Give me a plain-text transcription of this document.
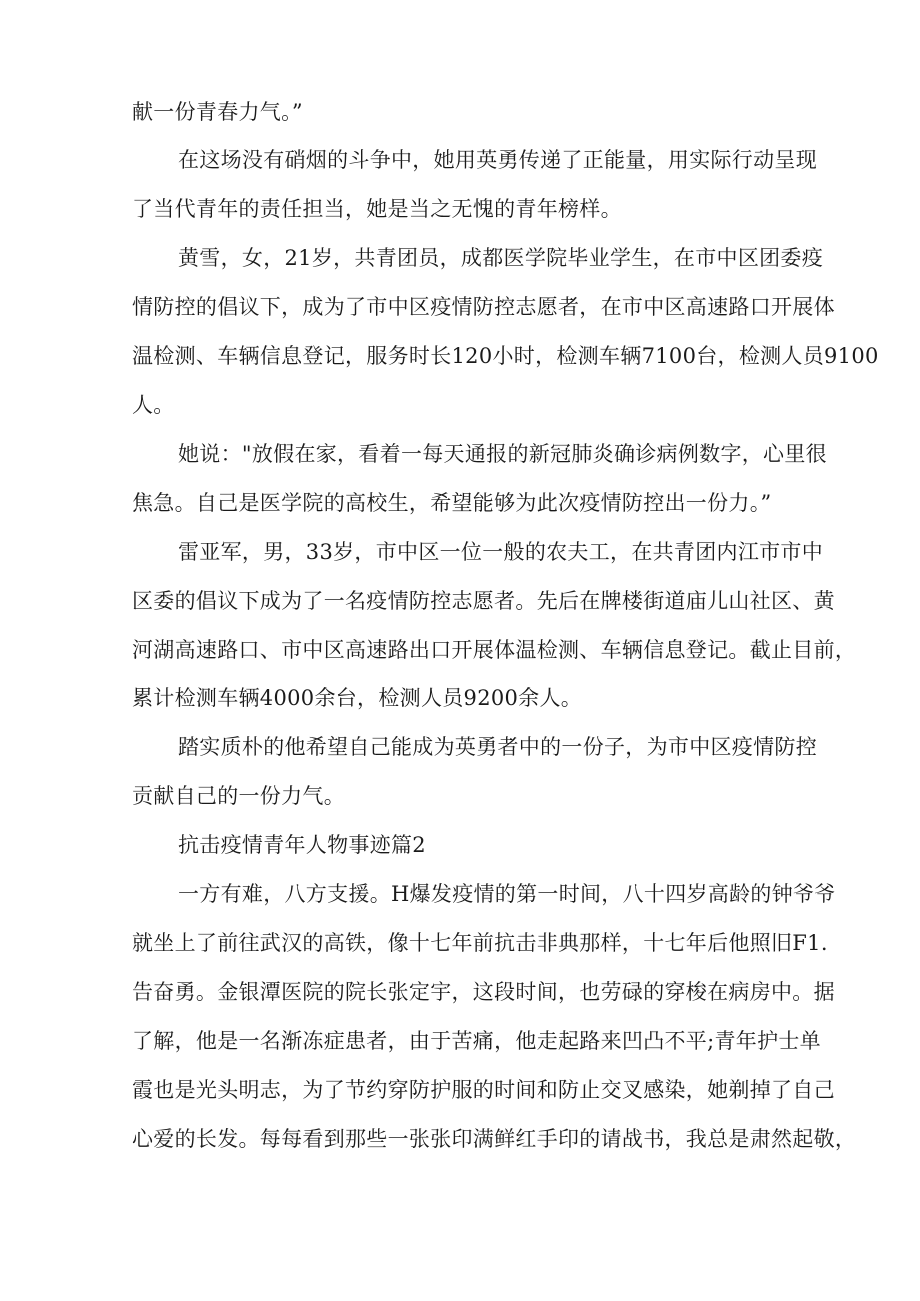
献一份青春力气。”
在这场没有硝烟的斗争中，她用英勇传递了正能量，用实际行动呈现
了当代青年的责任担当，她是当之无愧的青年榜样。
黄雪，女，21岁，共青团员，成都医学院毕业学生，在市中区团委疫
情防控的倡议下，成为了市中区疫情防控志愿者，在市中区高速路口开展体
温检测、车辆信息登记，服务时长120小时，检测车辆7100台，检测人员9100
人。
她说："放假在家，看着一每天通报的新冠肺炎确诊病例数字，心里很
焦急。自己是医学院的高校生，希望能够为此次疫情防控出一份力。”
雷亚军，男，33岁，市中区一位一般的农夫工，在共青团内江市市中
区委的倡议下成为了一名疫情防控志愿者。先后在牌楼街道庙儿山社区、黄
河湖高速路口、市中区高速路出口开展体温检测、车辆信息登记。截止目前，
累计检测车辆4000余台，检测人员9200余人。
踏实质朴的他希望自己能成为英勇者中的一份子，为市中区疫情防控
贡献自己的一份力气。
抗击疫情青年人物事迹篇2
一方有难，八方支援。H爆发疫情的第一时间，八十四岁高龄的钟爷爷
就坐上了前往武汉的高铁，像十七年前抗击非典那样，十七年后他照旧F1.
告奋勇。金银潭医院的院长张定宇，这段时间，也劳碌的穿梭在病房中。据
了解，他是一名渐冻症患者，由于苦痛，他走起路来凹凸不平;青年护士单
霞也是光头明志，为了节约穿防护服的时间和防止交叉感染，她剃掉了自己
心爱的长发。每每看到那些一张张印满鲜红手印的请战书，我总是肃然起敬，
